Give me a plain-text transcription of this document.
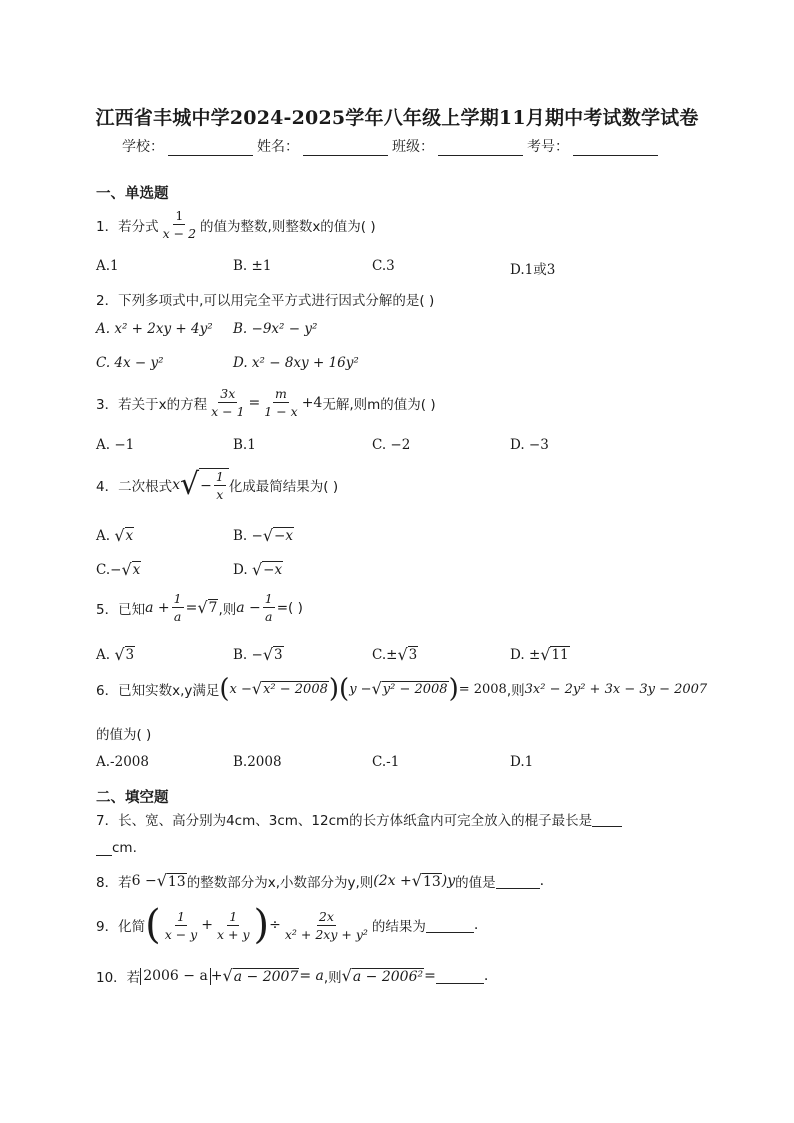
江西省丰城中学2024-2025学年八年级上学期11月期中考试数学试卷
学校：	姓名：	班级：	考号：
一、单选题
1．若分式 $\frac{1}{x - 2}$ 的值为整数,则整数x的值为( )
A.1	B. ±1	C.3	D.1或3
2．下列多项式中,可以用完全平方式进行因式分解的是( )
A. x² + 2xy + 4y² B. −9x² − y²
C. 4x − y²	D. x² − 8xy + 16y²
3．若关于x的方程 $\frac{3x}{x - 1} = \frac{m}{1 - x} +4$ 无解,则m的值为( )
A. −1	B.1	C. −2	D. −3
4．二次根式 x √ − $\frac{1}{x}$ 化成最简结果为( )
A.
√ x	B.
− √ −x
C. − √ x	D.
√ −x
5．已知 $a + \frac{1}{a}$ = √ 7 ,则 $a - \frac{1}{a}$ =( )
A.
√ 3	B.
− √ 3	C. ± √ 3	D.
± √ 11
6．已知实数x,y满足 ( x − √ x² − 2008 ) ( y − √ y² − 2008 ) = 2008 ,则 3x² − 2y² + 3x − 3y − 2007
的值为( )
A.-2008	B.2008	C.-1	D.1
二、填空题
7．长、宽、高分别为4cm、3cm、12cm的长方体纸盒内可完全放入的棍子最长是
cm.
8．若 6 − √ 13 的整数部分为x,小数部分为y,则 (2x + √ 13 )y 的值是	.
9．化简 ( $\frac{1}{x - y} + \frac{1}{x + y}$ ) ÷ $\frac{2x}{\text{x² + 2xy + y²}}$ 的结果为	.
10．若 2006 − a + √ a − 2007 = a ,则 √ a − 2006² =	.
